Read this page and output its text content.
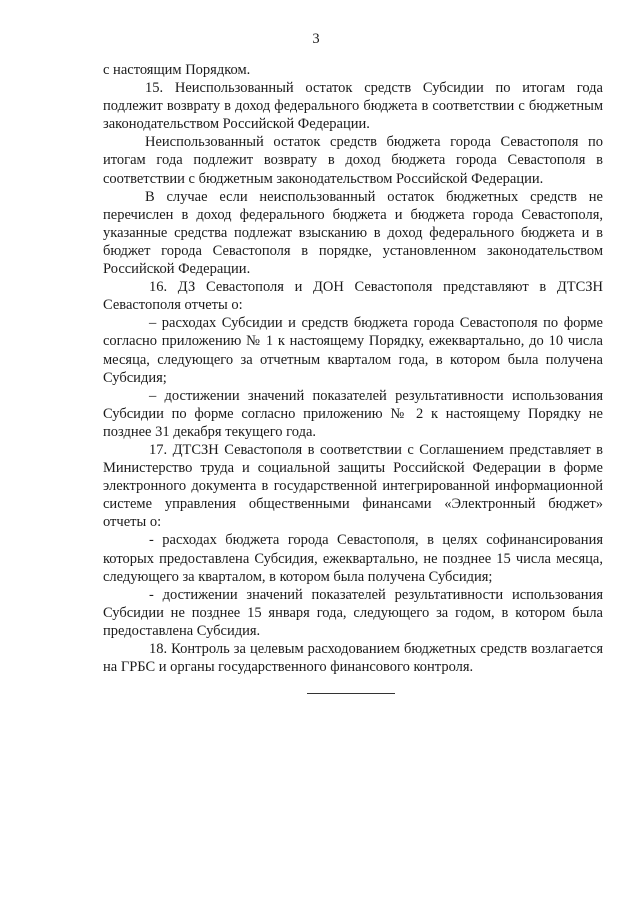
3

с настоящим Порядком.

15. Неиспользованный остаток средств Субсидии по итогам года подлежит возврату в доход федерального бюджета в соответствии с бюджетным законодательством Российской Федерации.

Неиспользованный остаток средств бюджета города Севастополя по итогам года подлежит возврату в доход бюджета города Севастополя в соответствии с бюджетным законодательством Российской Федерации.

В случае если неиспользованный остаток бюджетных средств не перечислен в доход федерального бюджета и бюджета города Севастополя, указанные средства подлежат взысканию в доход федерального бюджета и в бюджет города Севастополя в порядке, установленном законодательством Российской Федерации.

16. ДЗ Севастополя и ДОН Севастополя представляют в ДТСЗН Севастополя отчеты о:

– расходах Субсидии и средств бюджета города Севастополя по форме согласно приложению № 1 к настоящему Порядку, ежеквартально, до 10 числа месяца, следующего за отчетным кварталом года, в котором была получена Субсидия;

– достижении значений показателей результативности использования Субсидии по форме согласно приложению № 2 к настоящему Порядку не позднее 31 декабря текущего года.

17. ДТСЗН Севастополя в соответствии с Соглашением представляет в Министерство труда и социальной защиты Российской Федерации в форме электронного документа в государственной интегрированной информационной системе управления общественными финансами «Электронный бюджет» отчеты о:

- расходах бюджета города Севастополя, в целях софинансирования которых предоставлена Субсидия, ежеквартально, не позднее 15 числа месяца, следующего за кварталом, в котором была получена Субсидия;

- достижении значений показателей результативности использования Субсидии не позднее 15 января года, следующего за годом, в котором была предоставлена Субсидия.

18. Контроль за целевым расходованием бюджетных средств возлагается на ГРБС и органы государственного финансового контроля.
